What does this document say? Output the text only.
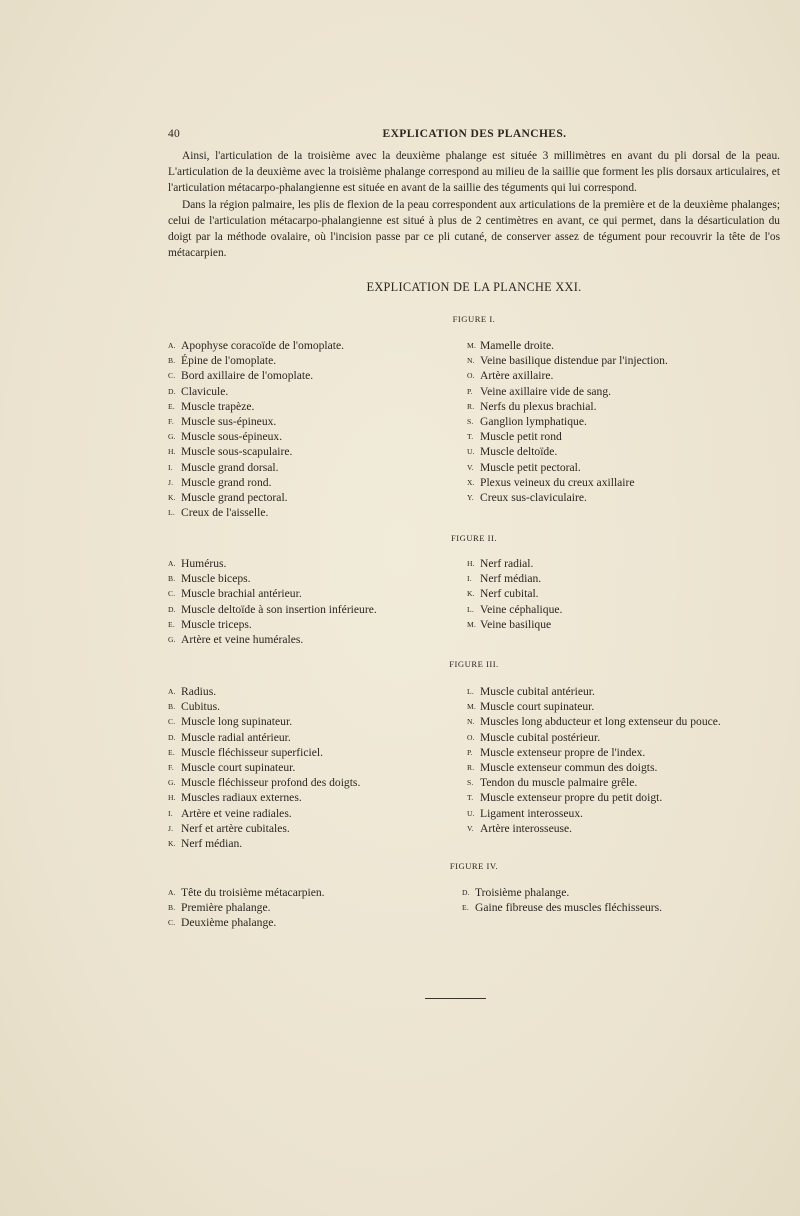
40	EXPLICATION DES PLANCHES.

Ainsi, l'articulation de la troisième avec la deuxième phalange est située 3 millimètres en avant du pli dorsal de la peau. L'articulation de la deuxième avec la troisième phalange correspond au milieu de la saillie que forment les plis dorsaux articulaires, et l'articulation métacarpo-phalangienne est située en avant de la saillie des téguments qui lui correspond.

Dans la région palmaire, les plis de flexion de la peau correspondent aux articulations de la première et de la deuxième phalanges; celui de l'articulation métacarpo-phalangienne est situé à plus de 2 centimètres en avant, ce qui permet, dans la désarticulation du doigt par la méthode ovalaire, où l'incision passe par ce pli cutané, de conserver assez de tégument pour recouvrir la tête de l'os métacarpien.

EXPLICATION DE LA PLANCHE XXI.
FIGURE I.
A. Apophyse coracoïde de l'omoplate.
B. Épine de l'omoplate.
C. Bord axillaire de l'omoplate.
D. Clavicule.
E. Muscle trapèze.
F. Muscle sus-épineux.
G. Muscle sous-épineux.
H. Muscle sous-scapulaire.
I. Muscle grand dorsal.
J. Muscle grand rond.
K. Muscle grand pectoral.
L. Creux de l'aisselle.
M. Mamelle droite.
N. Veine basilique distendue par l'injection.
O. Artère axillaire.
P. Veine axillaire vide de sang.
R. Nerfs du plexus brachial.
S. Ganglion lymphatique.
T. Muscle petit rond
U. Muscle deltoïde.
V. Muscle petit pectoral.
X. Plexus veineux du creux axillaire
Y. Creux sus-claviculaire.
FIGURE II.
A. Humérus.
B. Muscle biceps.
C. Muscle brachial antérieur.
D. Muscle deltoïde à son insertion inférieure.
E. Muscle triceps.
G. Artère et veine humérales.
H. Nerf radial.
I. Nerf médian.
K. Nerf cubital.
L. Veine céphalique.
M. Veine basilique
FIGURE III.
A. Radius.
B. Cubitus.
C. Muscle long supinateur.
D. Muscle radial antérieur.
E. Muscle fléchisseur superficiel.
F. Muscle court supinateur.
G. Muscle fléchisseur profond des doigts.
H. Muscles radiaux externes.
I. Artère et veine radiales.
J. Nerf et artère cubitales.
K. Nerf médian.
L. Muscle cubital antérieur.
M. Muscle court supinateur.
N. Muscles long abducteur et long extenseur du pouce.
O. Muscle cubital postérieur.
P. Muscle extenseur propre de l'index.
R. Muscle extenseur commun des doigts.
S. Tendon du muscle palmaire grêle.
T. Muscle extenseur propre du petit doigt.
U. Ligament interosseux.
V. Artère interosseuse.
FIGURE IV.
A. Tête du troisième métacarpien.
B. Première phalange.
C. Deuxième phalange.
D. Troisième phalange.
E. Gaine fibreuse des muscles fléchisseurs.
